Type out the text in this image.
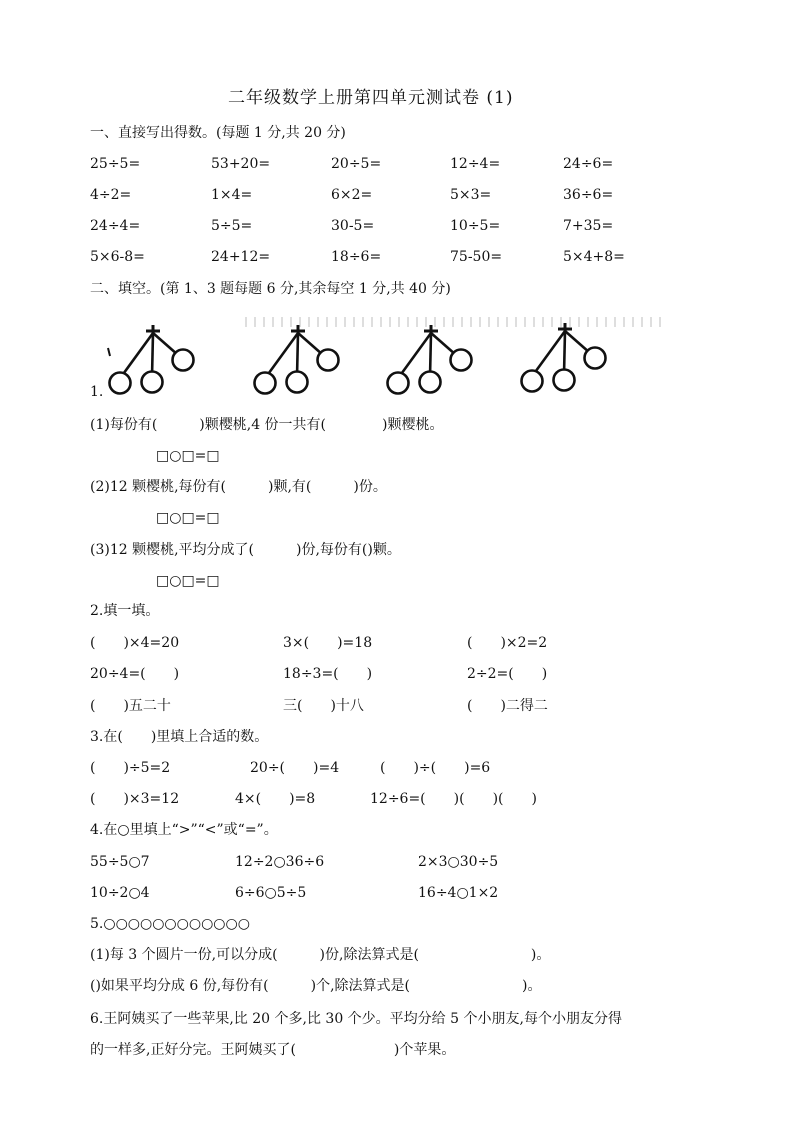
二年级数学上册第四单元测试卷 (1)
一、直接写出得数。(每题 1 分,共 20 分)
25÷5=	53+20=	20÷5=	12÷4=	24÷6=
4÷2=	1×4=	6×2=	5×3=	36÷6=
24÷4=	5÷5=	30-5=	10÷5=	7+35=
5×6-8=	24+12=	18÷6=	75-50=	5×4+8=
二、填空。(第 1、3 题每题 6 分,其余每空 1 分,共 40 分)
1.
(1)每份有(　　　)颗樱桃,4 份一共有(　　　　)颗樱桃。
□○□=□
(2)12 颗樱桃,每份有(　　　)颗,有(　　　)份。
□○□=□
(3)12 颗樱桃,平均分成了(　　　)份,每份有()颗。
□○□=□
2.填一填。
(　　)×4=20	3×(　　)=18	(　　)×2=2
20÷4=(　　)	18÷3=(　　)	2÷2=(　　)
(　　)五二十	三(　　)十八	(　　)二得二
3.在(　　)里填上合适的数。
(　　)÷5=2	20÷(　　)=4	(　　)÷(　　)=6
(　　)×3=12	4×(　　)=8	12÷6=(　　)(　　)(　　)
4.在○里填上“>”“<”或“=”。
55÷5○7	12÷2○36÷6	2×3○30÷5
10÷2○4	6÷6○5÷5	16÷4○1×2
5.○○○○○○○○○○○○
(1)每 3 个圆片一份,可以分成(　　　)份,除法算式是(　　　　　　　　)。
()如果平均分成 6 份,每份有(　　　)个,除法算式是(　　　　　　　　)。
6.王阿姨买了一些苹果,比 20 个多,比 30 个少。平均分给 5 个小朋友,每个小朋友分得
的一样多,正好分完。王阿姨买了(　　　　　　　)个苹果。
